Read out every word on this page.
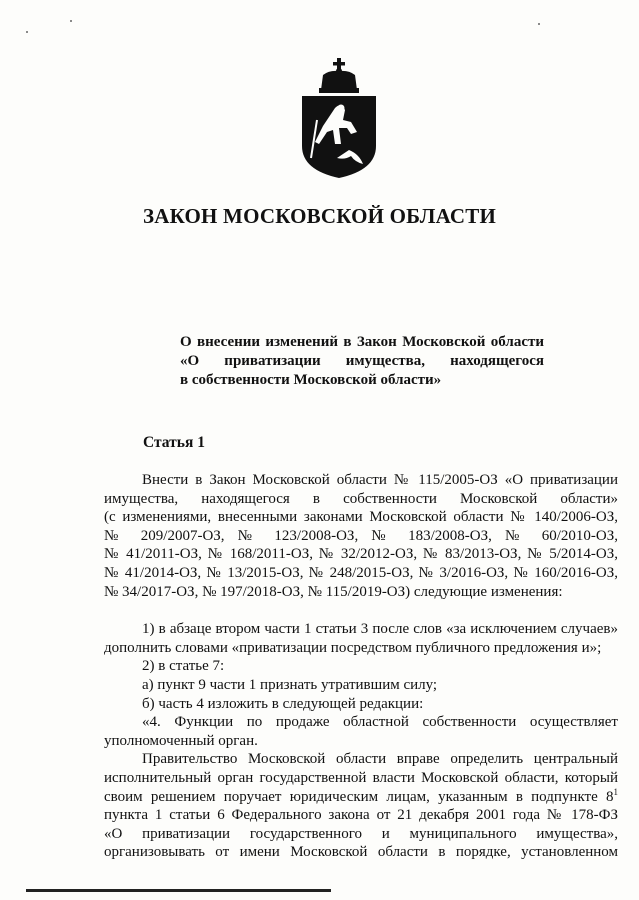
ЗАКОН МОСКОВСКОЙ ОБЛАСТИ
О внесении изменений в Закон Московской области
«О приватизации имущества, находящегося
в собственности Московской области»
Статья 1
Внести в Закон Московской области № 115/2005-ОЗ «О приватизации
имущества, находящегося в собственности Московской области»
(с изменениями, внесенными законами Московской области № 140/2006-ОЗ,
№ 209/2007-ОЗ, № 123/2008-ОЗ, № 183/2008-ОЗ, № 60/2010-ОЗ,
№ 41/2011-ОЗ, № 168/2011-ОЗ, № 32/2012-ОЗ, № 83/2013-ОЗ, № 5/2014-ОЗ,
№ 41/2014-ОЗ, № 13/2015-ОЗ, № 248/2015-ОЗ, № 3/2016-ОЗ, № 160/2016-ОЗ,
№ 34/2017-ОЗ, № 197/2018-ОЗ, № 115/2019-ОЗ) следующие изменения:
1) в абзаце втором части 1 статьи 3 после слов «за исключением случаев»
дополнить словами «приватизации посредством публичного предложения и»;
2) в статье 7:
а) пункт 9 части 1 признать утратившим силу;
б) часть 4 изложить в следующей редакции:
«4. Функции по продаже областной собственности осуществляет
уполномоченный орган.
Правительство Московской области вправе определить центральный
исполнительный орган государственной власти Московской области, который
своим решением поручает юридическим лицам, указанным в подпункте $8^1$
пункта 1 статьи 6 Федерального закона от 21 декабря 2001 года № 178-ФЗ
«О приватизации государственного и муниципального имущества»,
организовывать от имени Московской области в порядке, установленном
